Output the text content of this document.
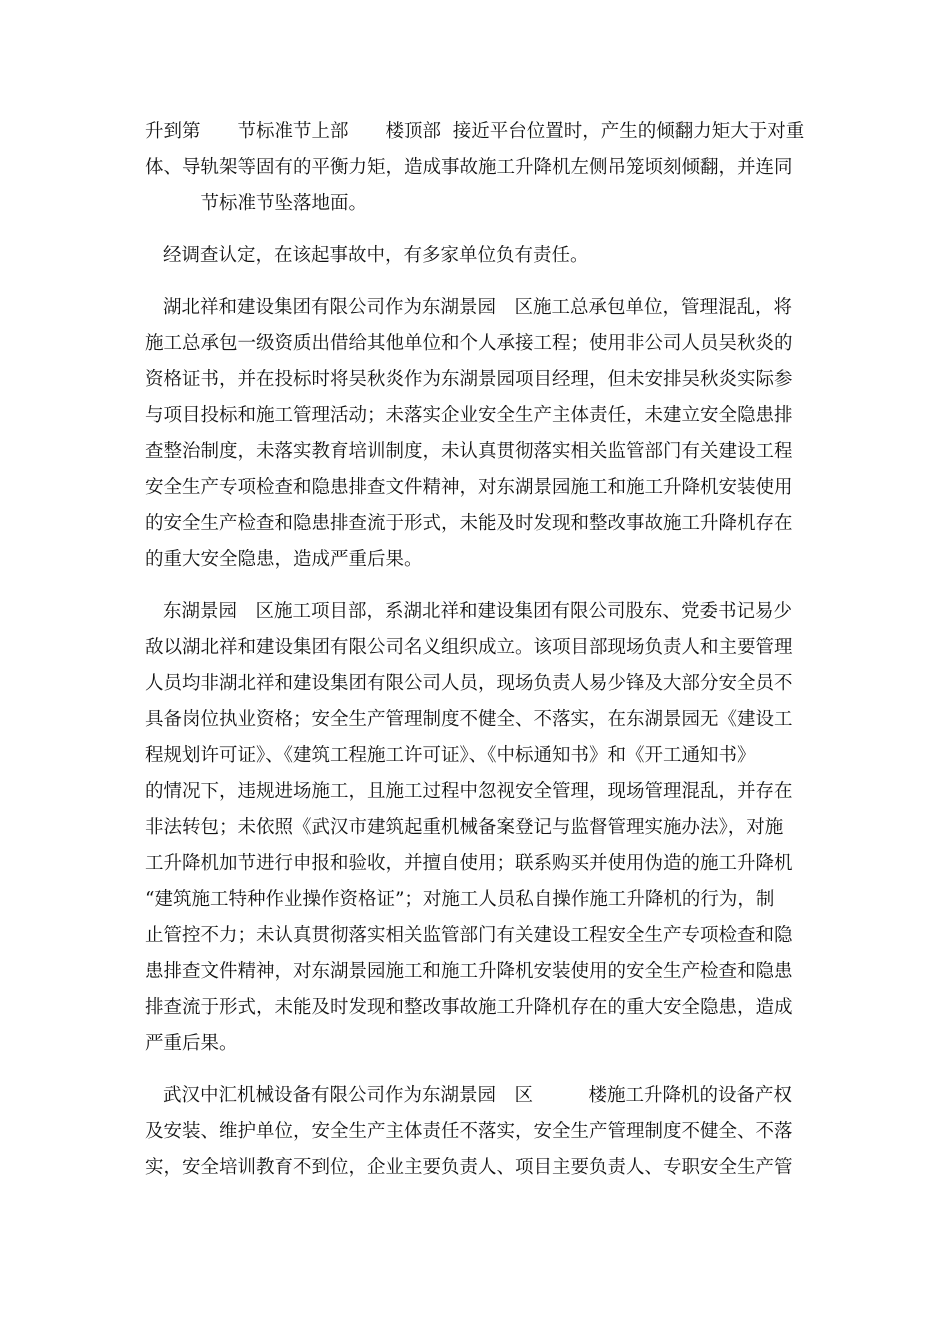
升到第　　节标准节上部　　楼顶部  接近平台位置时，产生的倾翻力矩大于对重
体、导轨架等固有的平衡力矩，造成事故施工升降机左侧吊笼顷刻倾翻，并连同
　　　节标准节坠落地面。
经调查认定，在该起事故中，有多家单位负有责任。
湖北祥和建设集团有限公司作为东湖景园　区施工总承包单位，管理混乱，将
施工总承包一级资质出借给其他单位和个人承接工程；使用非公司人员吴秋炎的
资格证书，并在投标时将吴秋炎作为东湖景园项目经理，但未安排吴秋炎实际参
与项目投标和施工管理活动；未落实企业安全生产主体责任，未建立安全隐患排
查整治制度，未落实教育培训制度，未认真贯彻落实相关监管部门有关建设工程
安全生产专项检查和隐患排查文件精神，对东湖景园施工和施工升降机安装使用
的安全生产检查和隐患排查流于形式，未能及时发现和整改事故施工升降机存在
的重大安全隐患，造成严重后果。
东湖景园　区施工项目部，系湖北祥和建设集团有限公司股东、党委书记易少
敌以湖北祥和建设集团有限公司名义组织成立。该项目部现场负责人和主要管理
人员均非湖北祥和建设集团有限公司人员，现场负责人易少锋及大部分安全员不
具备岗位执业资格；安全生产管理制度不健全、不落实，在东湖景园无《建设工
程规划许可证》、《建筑工程施工许可证》、《中标通知书》和《开工通知书》
的情况下，违规进场施工，且施工过程中忽视安全管理，现场管理混乱，并存在
非法转包；未依照《武汉市建筑起重机械备案登记与监督管理实施办法》，对施
工升降机加节进行申报和验收，并擅自使用；联系购买并使用伪造的施工升降机
“建筑施工特种作业操作资格证”；对施工人员私自操作施工升降机的行为，制
止管控不力；未认真贯彻落实相关监管部门有关建设工程安全生产专项检查和隐
患排查文件精神，对东湖景园施工和施工升降机安装使用的安全生产检查和隐患
排查流于形式，未能及时发现和整改事故施工升降机存在的重大安全隐患，造成
严重后果。
武汉中汇机械设备有限公司作为东湖景园　区　　　楼施工升降机的设备产权
及安装、维护单位，安全生产主体责任不落实，安全生产管理制度不健全、不落
实，安全培训教育不到位，企业主要负责人、项目主要负责人、专职安全生产管
